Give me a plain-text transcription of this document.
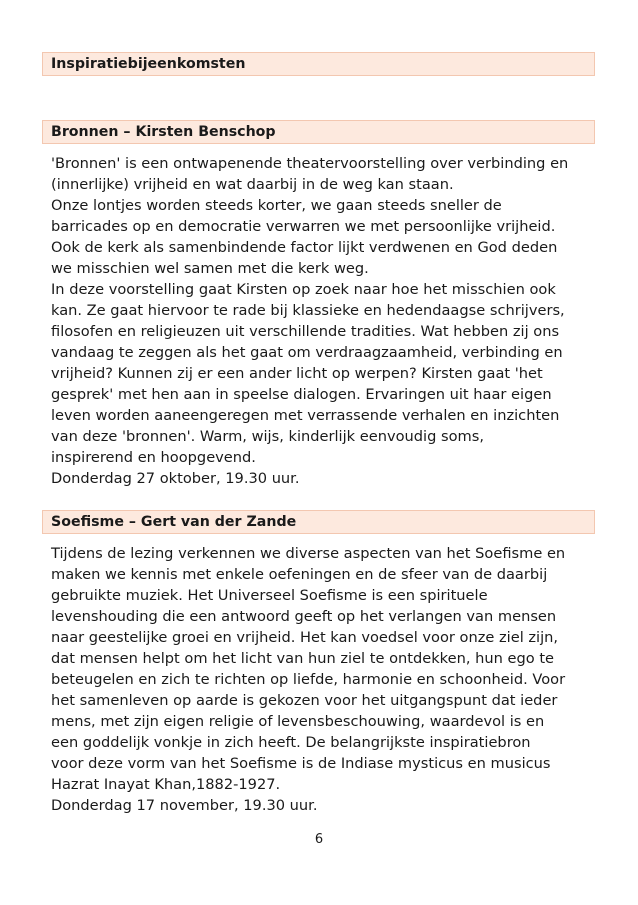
Inspiratiebijeenkomsten
Bronnen – Kirsten Benschop

'Bronnen' is een ontwapenende theatervoorstelling over verbinding en
(innerlijke) vrijheid en wat daarbij in de weg kan staan.
Onze lontjes worden steeds korter, we gaan steeds sneller de
barricades op en democratie verwarren we met persoonlijke vrijheid.
Ook de kerk als samenbindende factor lijkt verdwenen en God deden
we misschien wel samen met die kerk weg.
In deze voorstelling gaat Kirsten op zoek naar hoe het misschien ook
kan. Ze gaat hiervoor te rade bij klassieke en hedendaagse schrijvers,
filosofen en religieuzen uit verschillende tradities. Wat hebben zij ons
vandaag te zeggen als het gaat om verdraagzaamheid, verbinding en
vrijheid? Kunnen zij er een ander licht op werpen? Kirsten gaat 'het
gesprek' met hen aan in speelse dialogen. Ervaringen uit haar eigen
leven worden aaneengeregen met verrassende verhalen en inzichten
van deze 'bronnen'. Warm, wijs, kinderlijk eenvoudig soms,
inspirerend en hoopgevend.
Donderdag 27 oktober, 19.30 uur.

Soefisme – Gert van der Zande

Tijdens de lezing verkennen we diverse aspecten van het Soefisme en
maken we kennis met enkele oefeningen en de sfeer van de daarbij
gebruikte muziek. Het Universeel Soefisme is een spirituele
levenshouding die een antwoord geeft op het verlangen van mensen
naar geestelijke groei en vrijheid. Het kan voedsel voor onze ziel zijn,
dat mensen helpt om het licht van hun ziel te ontdekken, hun ego te
beteugelen en zich te richten op liefde, harmonie en schoonheid. Voor
het samenleven op aarde is gekozen voor het uitgangspunt dat ieder
mens, met zijn eigen religie of levensbeschouwing, waardevol is en
een goddelijk vonkje in zich heeft. De belangrijkste inspiratiebron
voor deze vorm van het Soefisme is de Indiase mysticus en musicus
Hazrat Inayat Khan,1882-1927.
Donderdag 17 november, 19.30 uur.

6
